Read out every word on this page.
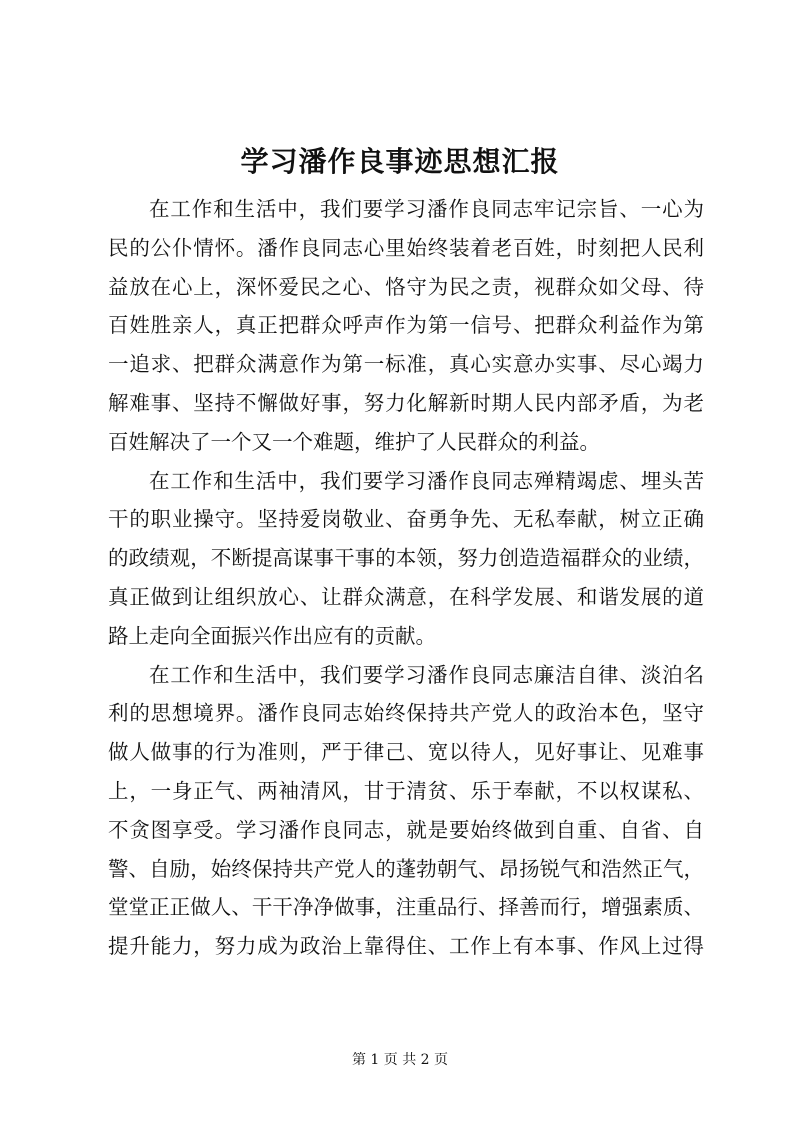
学习潘作良事迹思想汇报
在工作和生活中，我们要学习潘作良同志牢记宗旨、一心为
民的公仆情怀。潘作良同志心里始终装着老百姓，时刻把人民利
益放在心上，深怀爱民之心、恪守为民之责，视群众如父母、待
百姓胜亲人，真正把群众呼声作为第一信号、把群众利益作为第
一追求、把群众满意作为第一标准，真心实意办实事、尽心竭力
解难事、坚持不懈做好事，努力化解新时期人民内部矛盾，为老
百姓解决了一个又一个难题，维护了人民群众的利益。
在工作和生活中，我们要学习潘作良同志殚精竭虑、埋头苦
干的职业操守。坚持爱岗敬业、奋勇争先、无私奉献，树立正确
的政绩观，不断提高谋事干事的本领，努力创造造福群众的业绩，
真正做到让组织放心、让群众满意，在科学发展、和谐发展的道
路上走向全面振兴作出应有的贡献。
在工作和生活中，我们要学习潘作良同志廉洁自律、淡泊名
利的思想境界。潘作良同志始终保持共产党人的政治本色，坚守
做人做事的行为准则，严于律己、宽以待人，见好事让、见难事
上，一身正气、两袖清风，甘于清贫、乐于奉献，不以权谋私、
不贪图享受。学习潘作良同志，就是要始终做到自重、自省、自
警、自励，始终保持共产党人的蓬勃朝气、昂扬锐气和浩然正气，
堂堂正正做人、干干净净做事，注重品行、择善而行，增强素质、
提升能力，努力成为政治上靠得住、工作上有本事、作风上过得
第 1 页 共 2 页
